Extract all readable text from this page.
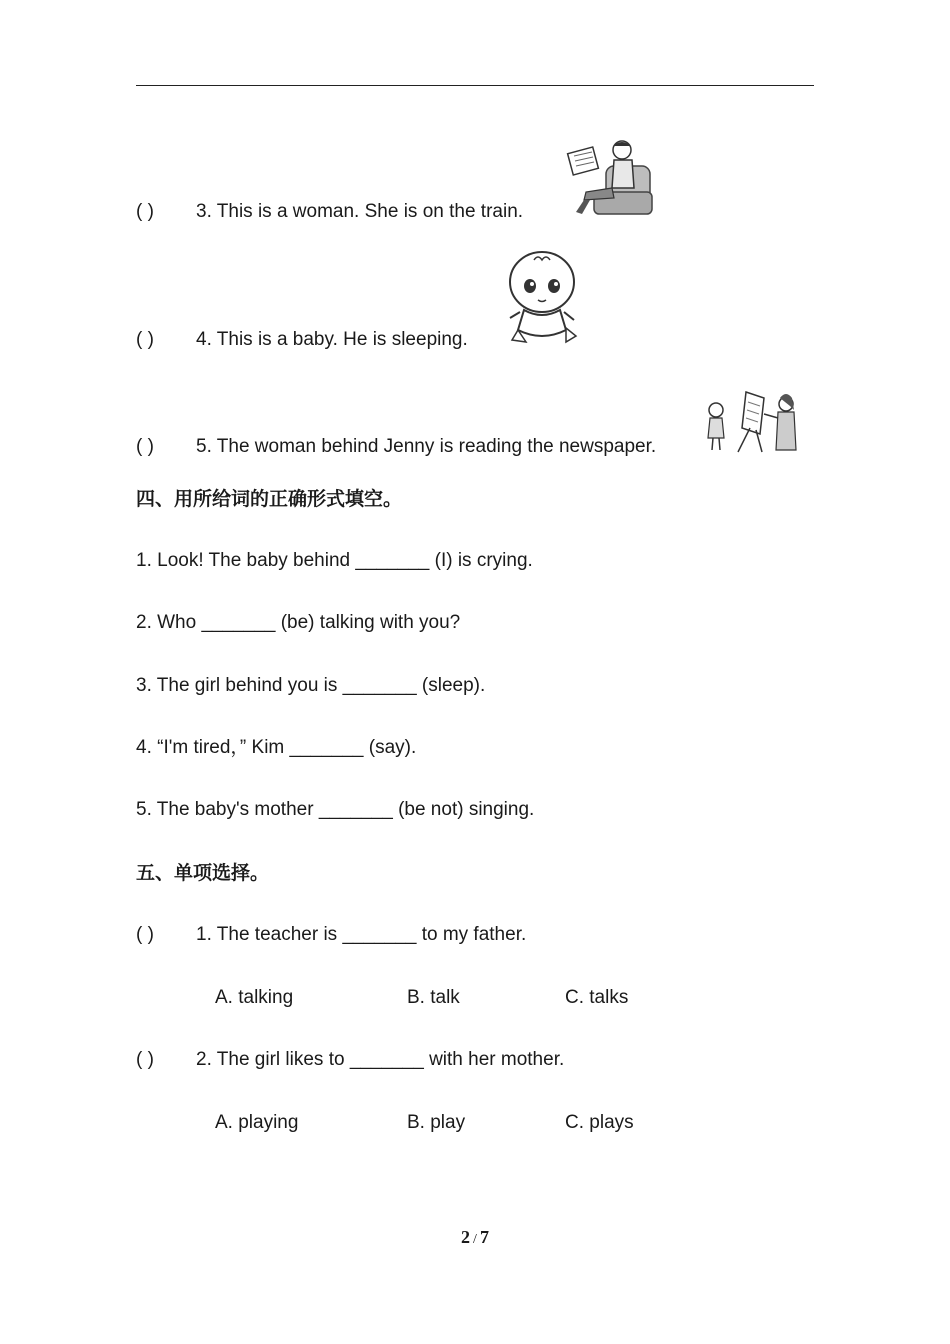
( ) 3. This is a woman. She is on the train.
( ) 4. This is a baby. He is sleeping.
( ) 5. The woman behind Jenny is reading the newspaper.
四、用所给词的正确形式填空。
1. Look! The baby behind _______ (I) is crying.
2. Who _______ (be) talking with you?
3. The girl behind you is _______ (sleep).
4. “I'm tired，” Kim _______ (say).
5. The baby's mother _______ (be not) singing.
五、单项选择。
( ) 1. The teacher is _______ to my father.
A. talking	B. talk	C. talks
( ) 2. The girl likes to _______ with her mother.
A. playing	B. play	C. plays
2 / 7
